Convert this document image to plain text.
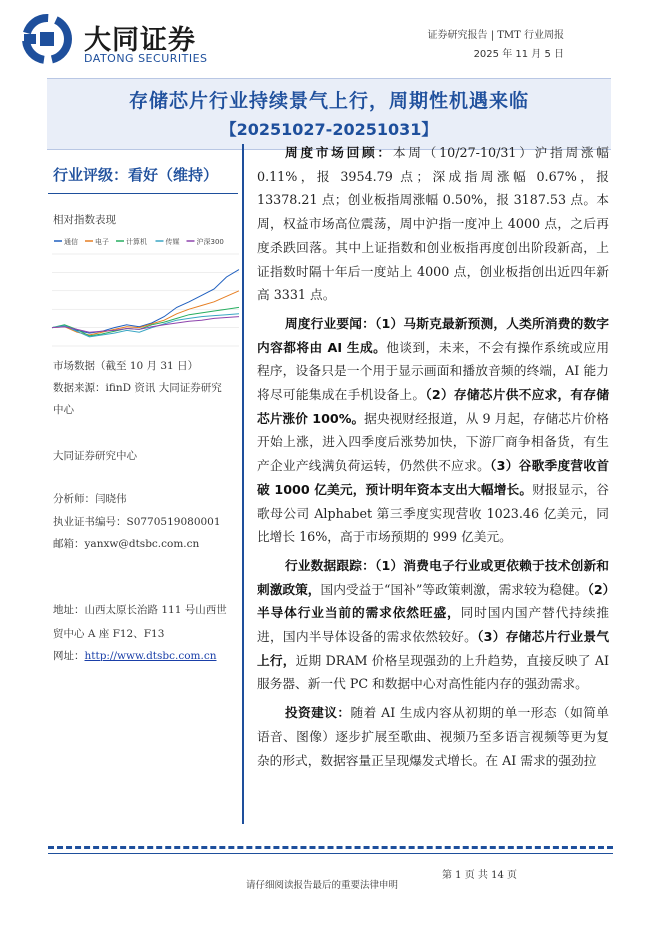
大同证券
DATONG SECURITIES
证券研究报告 | TMT 行业周报
2025 年 11 月 5 日
存储芯片行业持续景气上行，周期性机遇来临
【20251027-20251031】
行业评级：看好（维持）
相对指数表现
通信 电子 计算机	传媒 沪深300
市场数据（截至 10 月 31 日）
数据来源：ifinD 资讯 大同证券研究
中心
大同证券研究中心
分析师：闫晓伟
执业证书编号：S0770519080001
邮箱：yanxw@dtsbc.com.cn
地址：山西太原长治路 111 号山西世
贸中心 A 座 F12、F13
网址：http://www.dtsbc.com.cn

周度市场回顾：本周（10/27-10/31）沪指周涨幅 0.11%，报 3954.79 点；深成指周涨幅 0.67%，报 13378.21 点；创业板指周涨幅 0.50%，报 3187.53 点。本周，权益市场高位震荡，周中沪指一度冲上 4000 点，之后再度杀跌回落。其中上证指数和创业板指再度创出阶段新高，上证指数时隔十年后一度站上 4000 点，创业板指创出近四年新高 3331 点。

周度行业要闻：（1）马斯克最新预测，人类所消费的数字内容都将由 AI 生成。他谈到，未来，不会有操作系统或应用程序，设备只是一个用于显示画面和播放音频的终端，AI 能力将尽可能集成在手机设备上。（2）存储芯片供不应求，有存储芯片涨价 100%。据央视财经报道，从 9 月起，存储芯片价格开始上涨，进入四季度后涨势加快，下游厂商争相备货，有生产企业产线满负荷运转，仍然供不应求。（3）谷歌季度营收首破 1000 亿美元，预计明年资本支出大幅增长。财报显示，谷歌母公司 Alphabet 第三季度实现营收 1023.46 亿美元，同比增长 16%，高于市场预期的 999 亿美元。

行业数据跟踪：（1）消费电子行业或更依赖于技术创新和刺激政策，国内受益于“国补”等政策刺激，需求较为稳健。（2）半导体行业当前的需求依然旺盛，同时国内国产替代持续推进，国内半导体设备的需求依然较好。（3）存储芯片行业景气上行，近期 DRAM 价格呈现强劲的上升趋势，直接反映了 AI 服务器、新一代 PC 和数据中心对高性能内存的强劲需求。

投资建议：随着 AI 生成内容从初期的单一形态（如简单语音、图像）逐步扩展至歌曲、视频乃至多语言视频等更为复杂的形式，数据容量正呈现爆发式增长。在 AI 需求的强劲拉

第 1 页 共 14 页
请仔细阅读报告最后的重要法律申明
